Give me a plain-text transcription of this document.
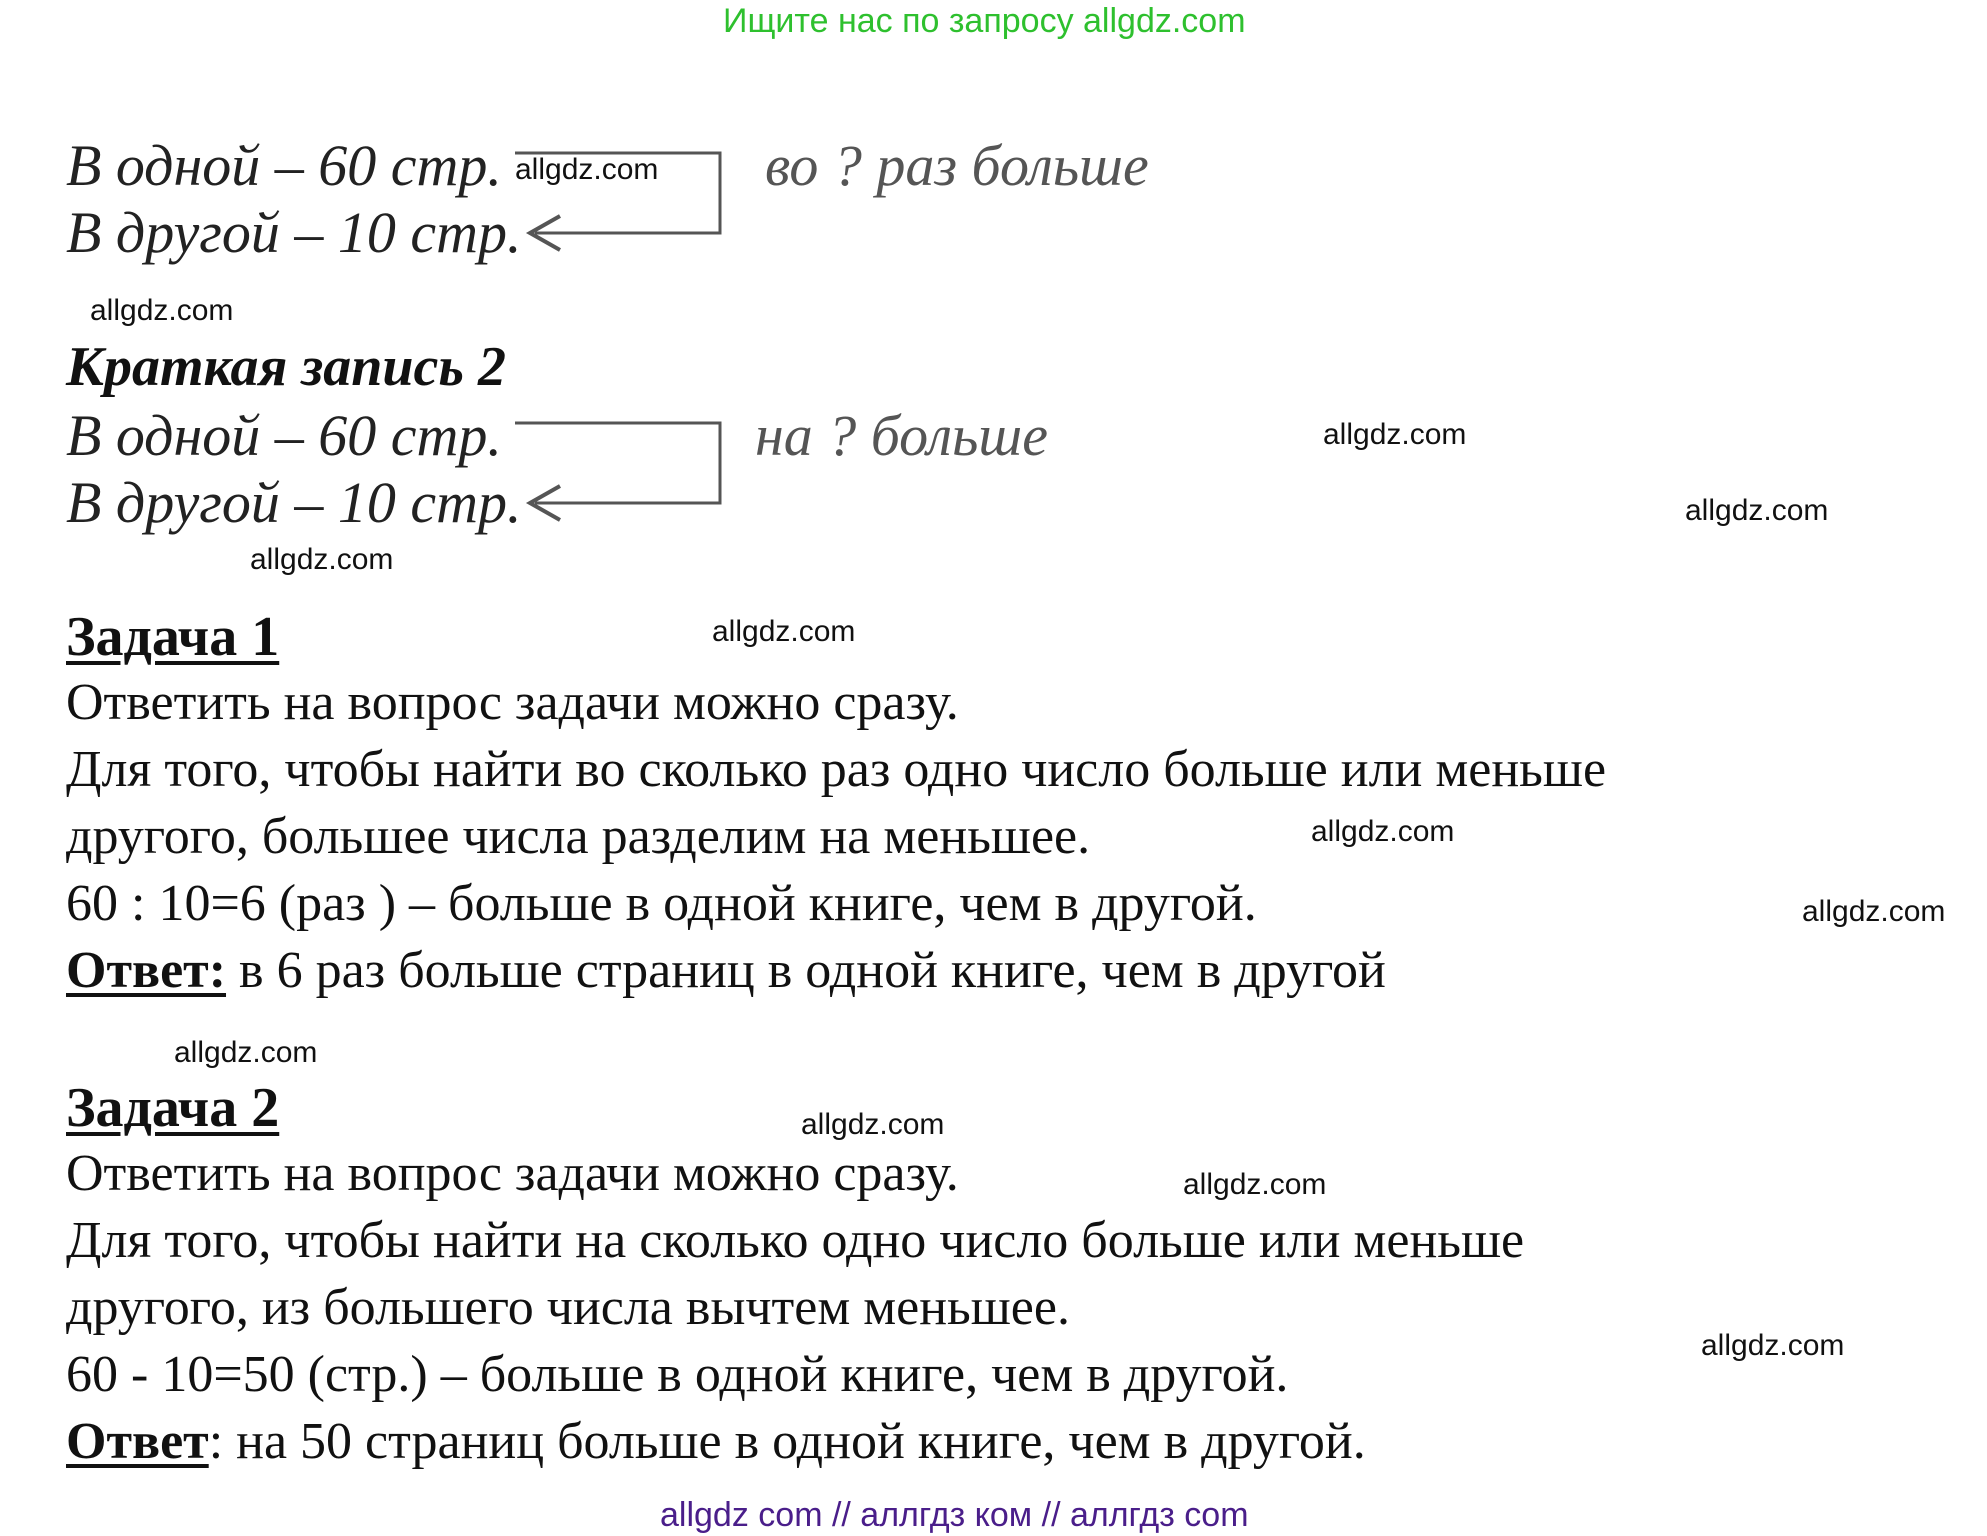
Ищите нас по запросу allgdz.com
В одной – 60 стр.
В другой – 10 стр.
во ? раз больше
Краткая запись 2
В одной – 60 стр.
В другой – 10 стр.
на ? больше
Задача 1
Ответить на вопрос задачи можно сразу.
Для того, чтобы найти во сколько раз одно число больше или меньше
другого, большее числа разделим на меньшее.
60 : 10=6 (раз ) – больше в одной книге, чем в другой.
Ответ: в 6 раз больше страниц в одной книге, чем в другой
Задача 2
Ответить на вопрос задачи можно сразу.
Для того, чтобы найти на сколько одно число больше или меньше
другого, из большего числа вычтем меньшее.
60 - 10=50 (стр.) – больше в одной книге, чем в другой.
Ответ: на 50 страниц больше в одной книге, чем в другой.
allgdz.com
allgdz.com
allgdz.com
allgdz.com
allgdz.com
allgdz.com
allgdz.com
allgdz.com
allgdz.com
allgdz.com
allgdz.com
allgdz.com
allgdz com // аллгдз ком // аллгдз com
